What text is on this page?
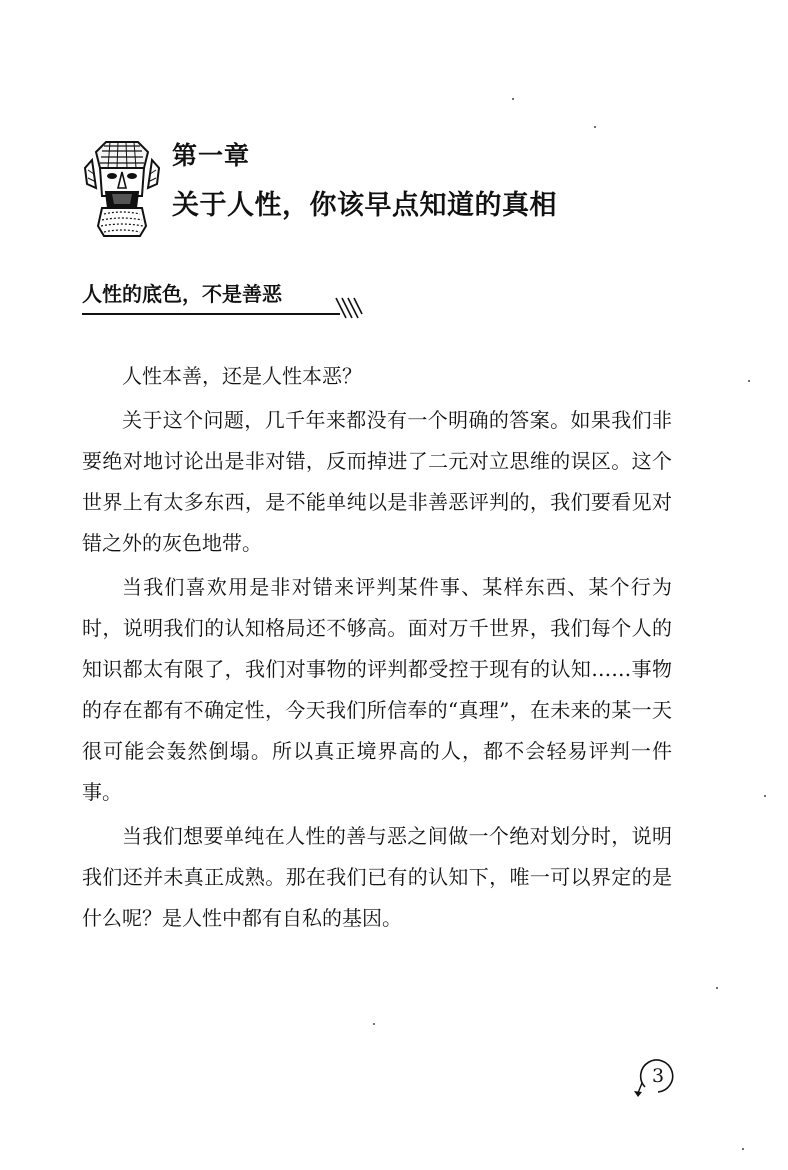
第一章
关于人性，你该早点知道的真相
人性的底色，不是善恶

人性本善，还是人性本恶？

关于这个问题，几千年来都没有一个明确的答案。如果我们非要绝对地讨论出是非对错，反而掉进了二元对立思维的误区。这个世界上有太多东西，是不能单纯以是非善恶评判的，我们要看见对错之外的灰色地带。

当我们喜欢用是非对错来评判某件事、某样东西、某个行为时，说明我们的认知格局还不够高。面对万千世界，我们每个人的知识都太有限了，我们对事物的评判都受控于现有的认知……事物的存在都有不确定性，今天我们所信奉的“真理”，在未来的某一天很可能会轰然倒塌。所以真正境界高的人，都不会轻易评判一件事。

当我们想要单纯在人性的善与恶之间做一个绝对划分时，说明我们还并未真正成熟。那在我们已有的认知下，唯一可以界定的是什么呢？是人性中都有自私的基因。

3
